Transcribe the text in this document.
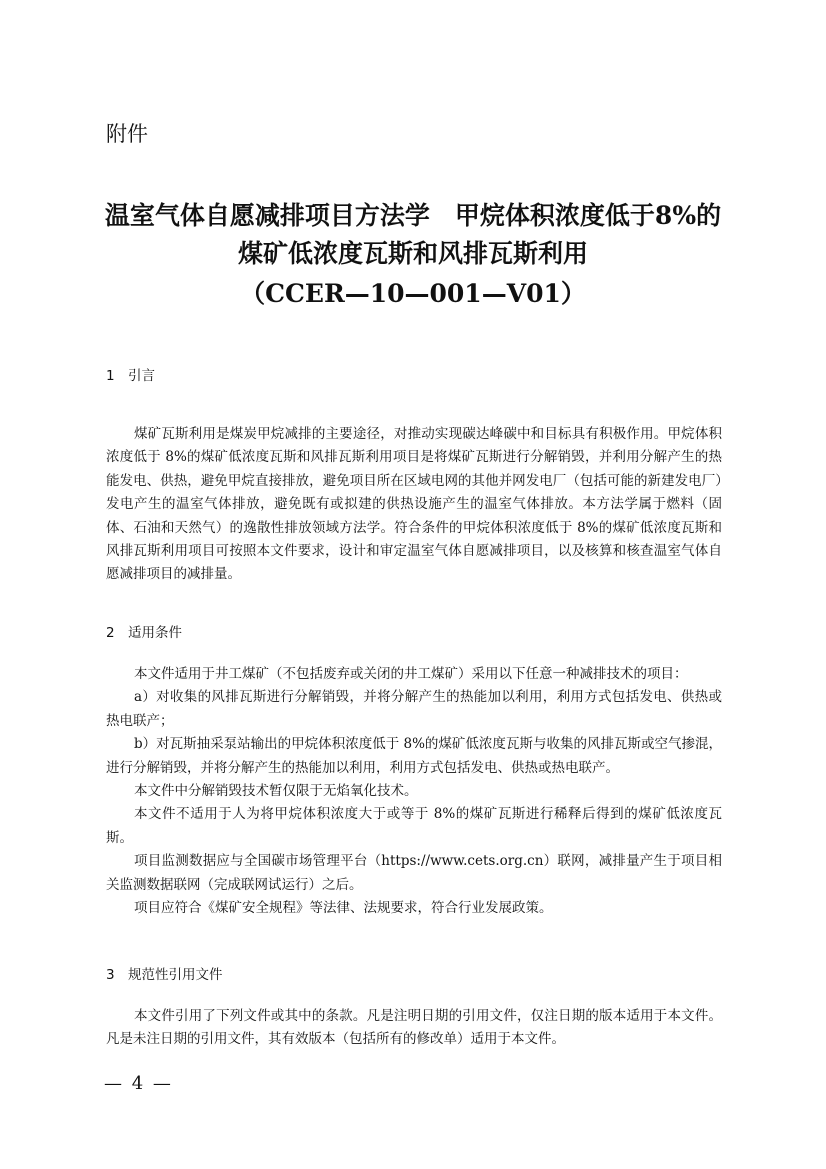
附件
温室气体自愿减排项目方法学　甲烷体积浓度低于8%的
煤矿低浓度瓦斯和风排瓦斯利用
（CCER—10—001—V01）
1 引言

煤矿瓦斯利用是煤炭甲烷减排的主要途径，对推动实现碳达峰碳中和目标具有积极作用。甲烷体积浓度低于 8%的煤矿低浓度瓦斯和风排瓦斯利用项目是将煤矿瓦斯进行分解销毁，并利用分解产生的热能发电、供热，避免甲烷直接排放，避免项目所在区域电网的其他并网发电厂（包括可能的新建发电厂）发电产生的温室气体排放，避免既有或拟建的供热设施产生的温室气体排放。本方法学属于燃料（固体、石油和天然气）的逸散性排放领域方法学。符合条件的甲烷体积浓度低于 8%的煤矿低浓度瓦斯和风排瓦斯利用项目可按照本文件要求，设计和审定温室气体自愿减排项目，以及核算和核查温室气体自愿减排项目的减排量。

2 适用条件

本文件适用于井工煤矿（不包括废弃或关闭的井工煤矿）采用以下任意一种减排技术的项目：

a）对收集的风排瓦斯进行分解销毁，并将分解产生的热能加以利用，利用方式包括发电、供热或热电联产；

b）对瓦斯抽采泵站输出的甲烷体积浓度低于 8%的煤矿低浓度瓦斯与收集的风排瓦斯或空气掺混，进行分解销毁，并将分解产生的热能加以利用，利用方式包括发电、供热或热电联产。

本文件中分解销毁技术暂仅限于无焰氧化技术。

本文件不适用于人为将甲烷体积浓度大于或等于 8%的煤矿瓦斯进行稀释后得到的煤矿低浓度瓦斯。

项目监测数据应与全国碳市场管理平台（https://www.cets.org.cn）联网，减排量产生于项目相关监测数据联网（完成联网试运行）之后。

项目应符合《煤矿安全规程》等法律、法规要求，符合行业发展政策。

3 规范性引用文件

本文件引用了下列文件或其中的条款。凡是注明日期的引用文件，仅注日期的版本适用于本文件。凡是未注日期的引用文件，其有效版本（包括所有的修改单）适用于本文件。

— 4 —
